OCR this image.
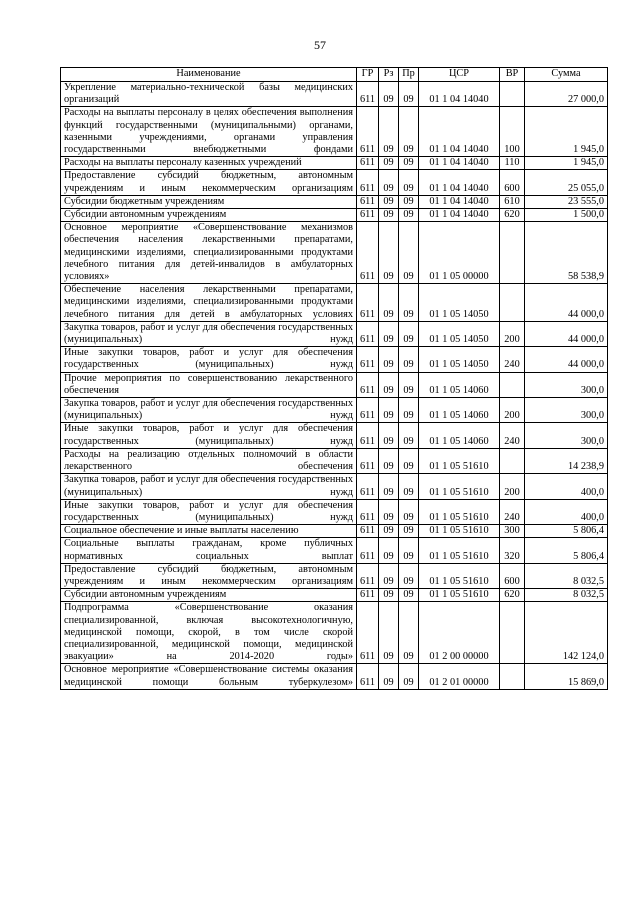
57
Наименование	ГР	Рз	Пр	ЦСР	ВР	Сумма
Укрепление материально-технической базы медицинских организаций	611	09	09	01 1 04 14040		27 000,0
Расходы на выплаты персоналу в целях обеспечения выполнения функций государственными (муниципальными) органами, казенными учреждениями, органами управления государственными внебюджетными фондами	611	09	09	01 1 04 14040	100	1 945,0
Расходы на выплаты персоналу казенных учреждений	611	09	09	01 1 04 14040	110	1 945,0
Предоставление субсидий бюджетным, автономным учреждениям и иным некоммерческим организациям	611	09	09	01 1 04 14040	600	25 055,0
Субсидии бюджетным учреждениям	611	09	09	01 1 04 14040	610	23 555,0
Субсидии автономным учреждениям	611	09	09	01 1 04 14040	620	1 500,0
Основное мероприятие «Совершенствование механизмов обеспечения населения лекарственными препаратами, медицинскими изделиями, специализированными продуктами лечебного питания для детей-инвалидов в амбулаторных условиях»	611	09	09	01 1 05 00000		58 538,9
Обеспечение населения лекарственными препаратами, медицинскими изделиями, специализированными продуктами лечебного питания для детей в амбулаторных условиях	611	09	09	01 1 05 14050		44 000,0
Закупка товаров, работ и услуг для обеспечения государственных (муниципальных) нужд	611	09	09	01 1 05 14050	200	44 000,0
Иные закупки товаров, работ и услуг для обеспечения государственных (муниципальных) нужд	611	09	09	01 1 05 14050	240	44 000,0
Прочие мероприятия по совершенствованию лекарственного обеспечения	611	09	09	01 1 05 14060		300,0
Закупка товаров, работ и услуг для обеспечения государственных (муниципальных) нужд	611	09	09	01 1 05 14060	200	300,0
Иные закупки товаров, работ и услуг для обеспечения государственных (муниципальных) нужд	611	09	09	01 1 05 14060	240	300,0
Расходы на реализацию отдельных полномочий в области лекарственного обеспечения	611	09	09	01 1 05 51610		14 238,9
Закупка товаров, работ и услуг для обеспечения государственных (муниципальных) нужд	611	09	09	01 1 05 51610	200	400,0
Иные закупки товаров, работ и услуг для обеспечения государственных (муниципальных) нужд	611	09	09	01 1 05 51610	240	400,0
Социальное обеспечение и иные выплаты населению	611	09	09	01 1 05 51610	300	5 806,4
Социальные выплаты гражданам, кроме публичных нормативных социальных выплат	611	09	09	01 1 05 51610	320	5 806,4
Предоставление субсидий бюджетным, автономным учреждениям и иным некоммерческим организациям	611	09	09	01 1 05 51610	600	8 032,5
Субсидии автономным учреждениям	611	09	09	01 1 05 51610	620	8 032,5
Подпрограмма «Совершенствование оказания специализированной, включая высокотехнологичную, медицинской помощи, скорой, в том числе скорой специализированной, медицинской помощи, медицинской эвакуации» на 2014-2020 годы»	611	09	09	01 2 00 00000		142 124,0
Основное мероприятие «Совершенствование системы оказания медицинской помощи больным туберкулезом»	611	09	09	01 2 01 00000		15 869,0
